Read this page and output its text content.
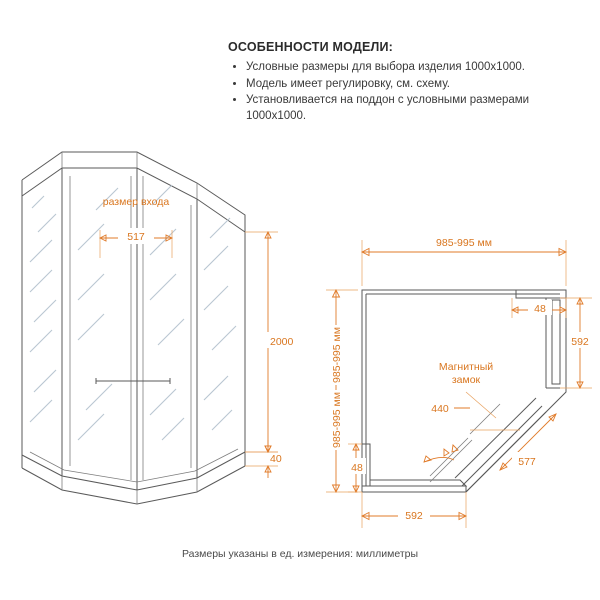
ОСОБЕННОСТИ МОДЕЛИ:
• Условные размеры для выбора изделия 1000х1000.
• Модель имеет регулировку, см. схему.
• Установливается на поддон с условными размерами 1000х1000.
517
размер входа
2000
40
Магнитный
замок
985-995 мм
985-995 мм
985-995 мм
48
592
440
577
48
592
Размеры указаны в ед. измерения: миллиметры
